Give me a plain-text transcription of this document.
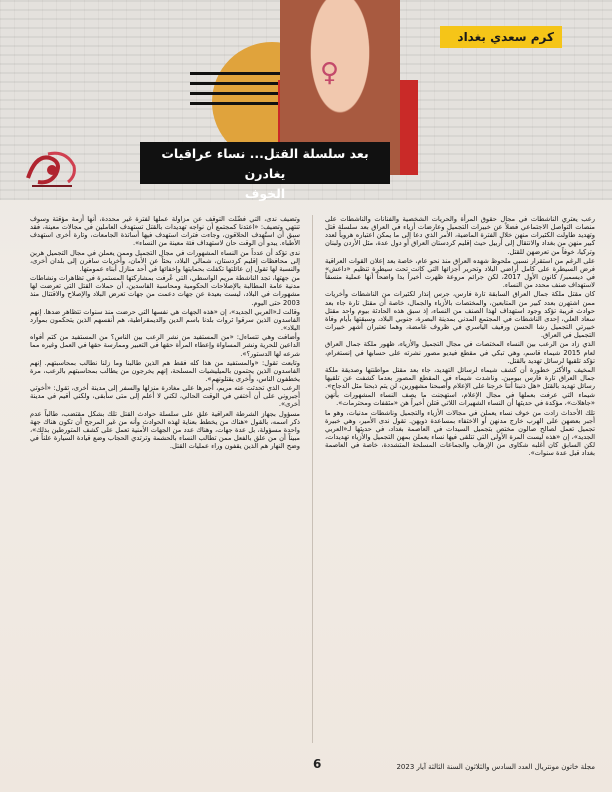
♀
كرم سعدي بغداد
بعد سلسلة القتل... نساء عراقيات يغادرن
الخوف

رعب يعتري الناشطات في مجال حقوق المرأة والحريات الشخصية والفنانات والناشطات على منصات التواصل الاجتماعي فضلاً عن خبيرات التجميل وعارضات أزياء في العراق بعد سلسلة قتل وتهديد طاولت الكثيرات منهن خلال الفترة الماضية، الأمر الذي دعا إلى ما يمكن اعتباره هروباً لعدد كبير منهن من بغداد والانتقال إلى أربيل حيث إقليم كردستان العراق أو دول عدة، مثل الأردن ولبنان وتركيا، خوفاً من تعرضهن للقتل.

على الرغم من استقرار نسبي ملحوظ شهده العراق منذ نحو عام، خاصة بعد إعلان القوات العراقية فرض السيطرة على كامل أراضي البلاد وتحرير أجزائها التي كانت تحت سيطرة تنظيم «داعش» في ديسمبر/ كانون الأول 2017، لكن جرائم مروعة ظهرت أخيراً بدا واضحاً أنها عملية منسقاً لاستهداف صنف محدد من النساء.

كان مقتل ملكة جمال العراق السابقة تارة فارس، جرس إنذار لكثيرات من الناشطات وأخريات ممن اشتهرن بعدد كبير من المتابعين، والمختصات بالأزياء والجمال، خاصة أن مقتل تارة جاء بعد حوادث قريبة تؤكد وجود استهداف لهذا الصنف من النساء، إذ سبق هذه الحادثة بيوم واحد مقتل سعاد العلي، إحدى الناشطات في المجتمع المدني بمدينة البصرة، جنوبي البلاد، وسبقتها بأيام وفاة خبيرتي التجميل رشا الحسن ورفيف الياسري في ظروف غامضة، وهما تعتبران أشهر خبيرات التجميل في العراق.

الذي زاد من الرعب بين النساء المختصات في مجال التجميل والأزياء، ظهور ملكة جمال العراق لعام 2015 شيماء قاسم، وهي تبكي في مقطع فيديو مصور نشرته على حسابها في إنستغرام، تؤكد تلقيها لرسائل تهديد بالقتل.

المخيف والأكثر خطورة أن كشف شيماء لرسائل التهديد، جاء بعد مقتل مواطنتها وصديقة ملكة جمال العراق تارة فارس بيومين. وناشدت شيماء في المقطع المصور بعدما كشفت عن تلقيها رسائل تهديد بالقتل «هل ذنبنا أننا خرجنا على الإعلام وأصبحنا مشهورين، لن يتم ذبحنا مثل الدجاج».

شيماء التي عرفت بعملها في مجال الإعلام، استهجنت ما يصف النساء المشهورات بأنهن «جاهلات»، مؤكدة في حديثها أن النساء الشهيرات اللاتي قتلن أخيراً هن «مثقفات ومحترمات».

تلك الأحداث زادت من خوف نساء يعملن في مجالات الأزياء والتجميل وناشطات مدنيات، وهو ما أجبر بعضهن على الهرب خارج مدنهن أو الاختفاء بمساعدة ذويهن. تقول ندى الأمير، وهي خبيرة تجميل تعمل لصالح صالون مختص بتجميل السيدات في العاصمة بغداد، في حديثها لـ«العربي الجديد»، إن «هذه ليست المرة الأولى التي تتلقى فيها نساء يعملن بمهن التجميل والأزياء تهديدات، لكن السابق كان أغلبه شكاوى من الإرهاب والجماعات المسلحة المتشددة، خاصة في العاصمة بغداد قبل عدة سنوات».

وتضيف ندى، التي فضّلت التوقف عن مزاولة عملها لفترة غير محددة، أنها أزمة مؤقتة وسوف تنتهي وتضيف: «اعتدنا كمجتمع أن نواجه تهديدات بالقتل تستهدف العاملين في مجالات معينة، فقد سبق أن استُهدف الحلاقون، وجاءت فترات استهدف فيها أساتذة الجامعات، وتارة أخرى استهدف الأطباء. يبدو أن الوقت حان لاستهداف فئة معينة من النساء».

ندى تؤكد أن عدداً من النساء المشهورات في مجال التجميل وممن يعملن في مجال التجميل هربن إلى محافظات إقليم كردستان، شمالي البلاد، بحثاً عن الأمان، وأخريات سافرن إلى بلدان أخرى، والنسبة لها تقول إن عائلتها تكفلت بحمايتها وإخفائها في أحد منازل أبناء عمومتها.

من جهتها، تجد الناشطة مريم الواسطي، التي عُرفت بمشاركتها المستمرة في تظاهرات ونشاطات مدنية عامة المطالبة بالإصلاحات الحكومية ومحاسبة الفاسدين، أن حملات القتل التي تعرضت لها مشهورات في البلاد، ليست بعيدة عن جهات دعمت من جهات تعرض البلاد والإصلاح والاقتتال منذ 2003 حتى اليوم.

وقالت لـ«العربي الجديد»، إن «هذه الجهات هي نفسها التي حرضت منذ سنوات تتظاهر ضدها. إنهم الفاسدون الذين سرقوا ثروات بلدنا باسم الدين والديمقراطية، هم أنفسهم الذين يتحكمون بموارد البلاد».

وأضافت وهي تتساءل: «من المستفيد من نشر الرعب بين الناس؟ من المستفيد من كتم أفواه الداعين للحرية ونشر المساواة وإعطاء المرأة حقها في التعبير وممارسة حقها في العمل وغيره مما شرعه لها الدستور؟».

وتابعت تقول: «والمستفيد من هذا كله فقط هم الذين طالبنا وما زلنا نطالب بمحاسبتهم. إنهم الفاسدون الذين يحتمون بالميليشيات المسلحة، إنهم يخرجون من يطالب بمحاسبتهم بالرعب، مرة يخطفون الناس، وأخرى يقتلونهم».

الرعب الذي تحدثت عنه مريم، أجبرها على مغادرة منزلها والسفر إلى مدينة أخرى، تقول: «أخوتي أجبروني على أن أختفي في الوقت الحالي، لكني لا أعلم إلى متى سأبقى، ولكني أقيم في مدينة أخرى».

مسؤول بجهاز الشرطة العراقية علق على سلسلة حوادث القتل تلك بشكل مقتضب، طالباً عدم ذكر اسمه، بالقول «هناك من يخطط بعناية لهذه الحوادث وأنه من غير المرجح أن تكون هناك جهة واحدة مسؤولة، بل عدة جهات، وهناك عدد من الجهات الأمنية تعمل على كشف المتورطين بذلك»، مبيناً أن من علق بالفعل ممن تطالب النساء بالحشمة وترتدي الحجاب وضع قيادة السيارة علناً في وضح النهار هم الذين يقفون وراء عمليات القتل.

6	مجلة خاتون مونتريال العدد السادس والثلاثون السنة الثالثة آيار 2023
